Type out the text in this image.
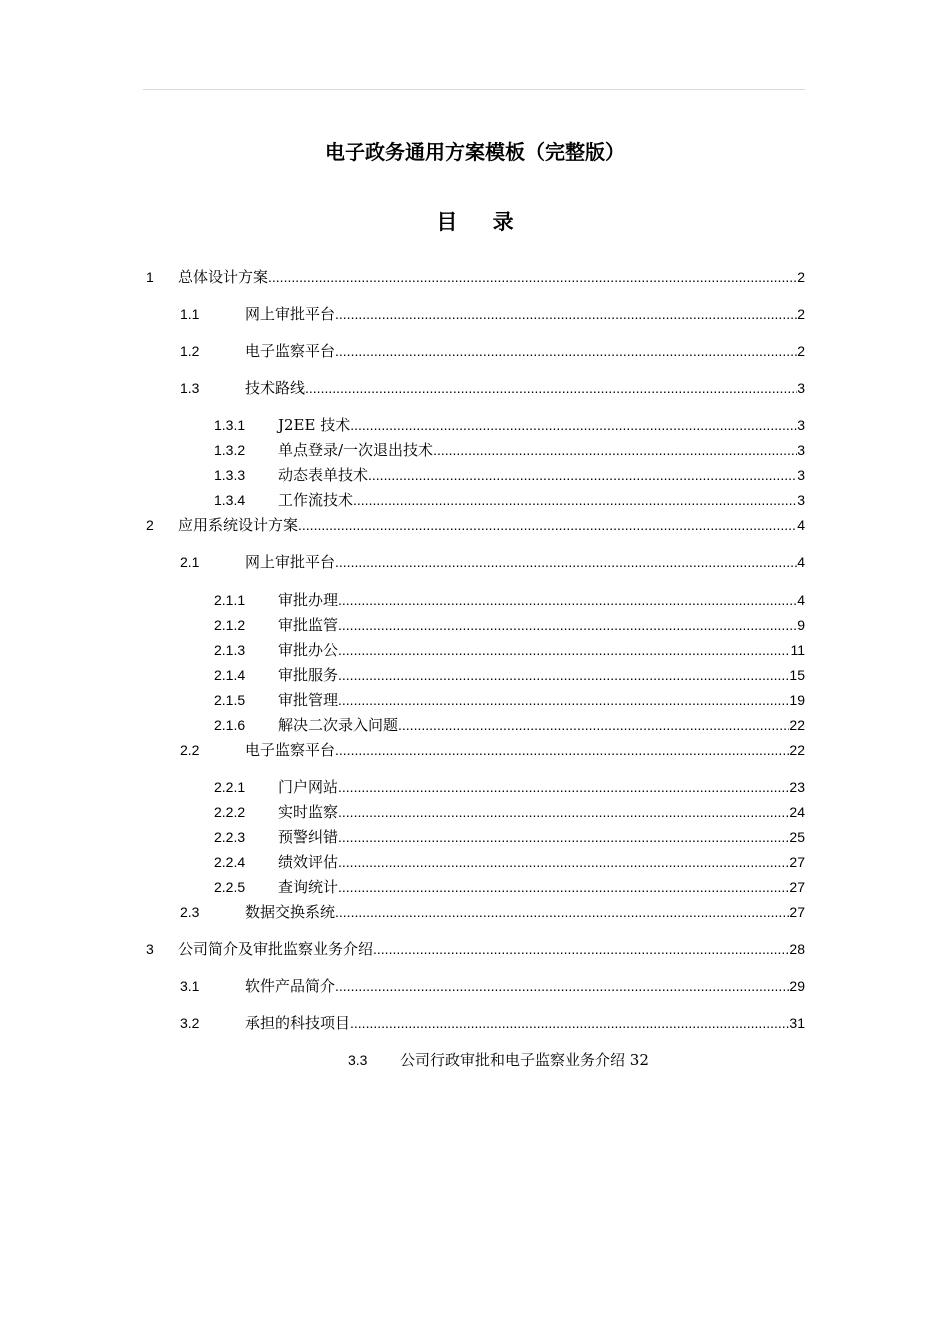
电子政务通用方案模板（完整版）
目 录
1	总体设计方案 .....	2
1.1	网上审批平台 .....	2
1.2	电子监察平台 .....	2
1.3	技术路线 .....	3
1.3.1	J2EE 技术 .....	3
1.3.2	单点登录/一次退出技术 .....	3
1.3.3	动态表单技术 .....	3
1.3.4	工作流技术 .....	3
2	应用系统设计方案 .....	4
2.1	网上审批平台 .....	4
2.1.1	审批办理 .....	4
2.1.2	审批监管 .....	9
2.1.3	审批办公 .....	11
2.1.4	审批服务 .....	15
2.1.5	审批管理 .....	19
2.1.6	解决二次录入问题 .....	22
2.2	电子监察平台 .....	22
2.2.1	门户网站 .....	23
2.2.2	实时监察 .....	24
2.2.3	预警纠错 .....	25
2.2.4	绩效评估 .....	27
2.2.5	查询统计 .....	27
2.3	数据交换系统 .....	27
3	公司简介及审批监察业务介绍 .....	28
3.1	软件产品简介 .....	29
3.2	承担的科技项目 .....	31
3.3 公司行政审批和电子监察业务介绍 32
